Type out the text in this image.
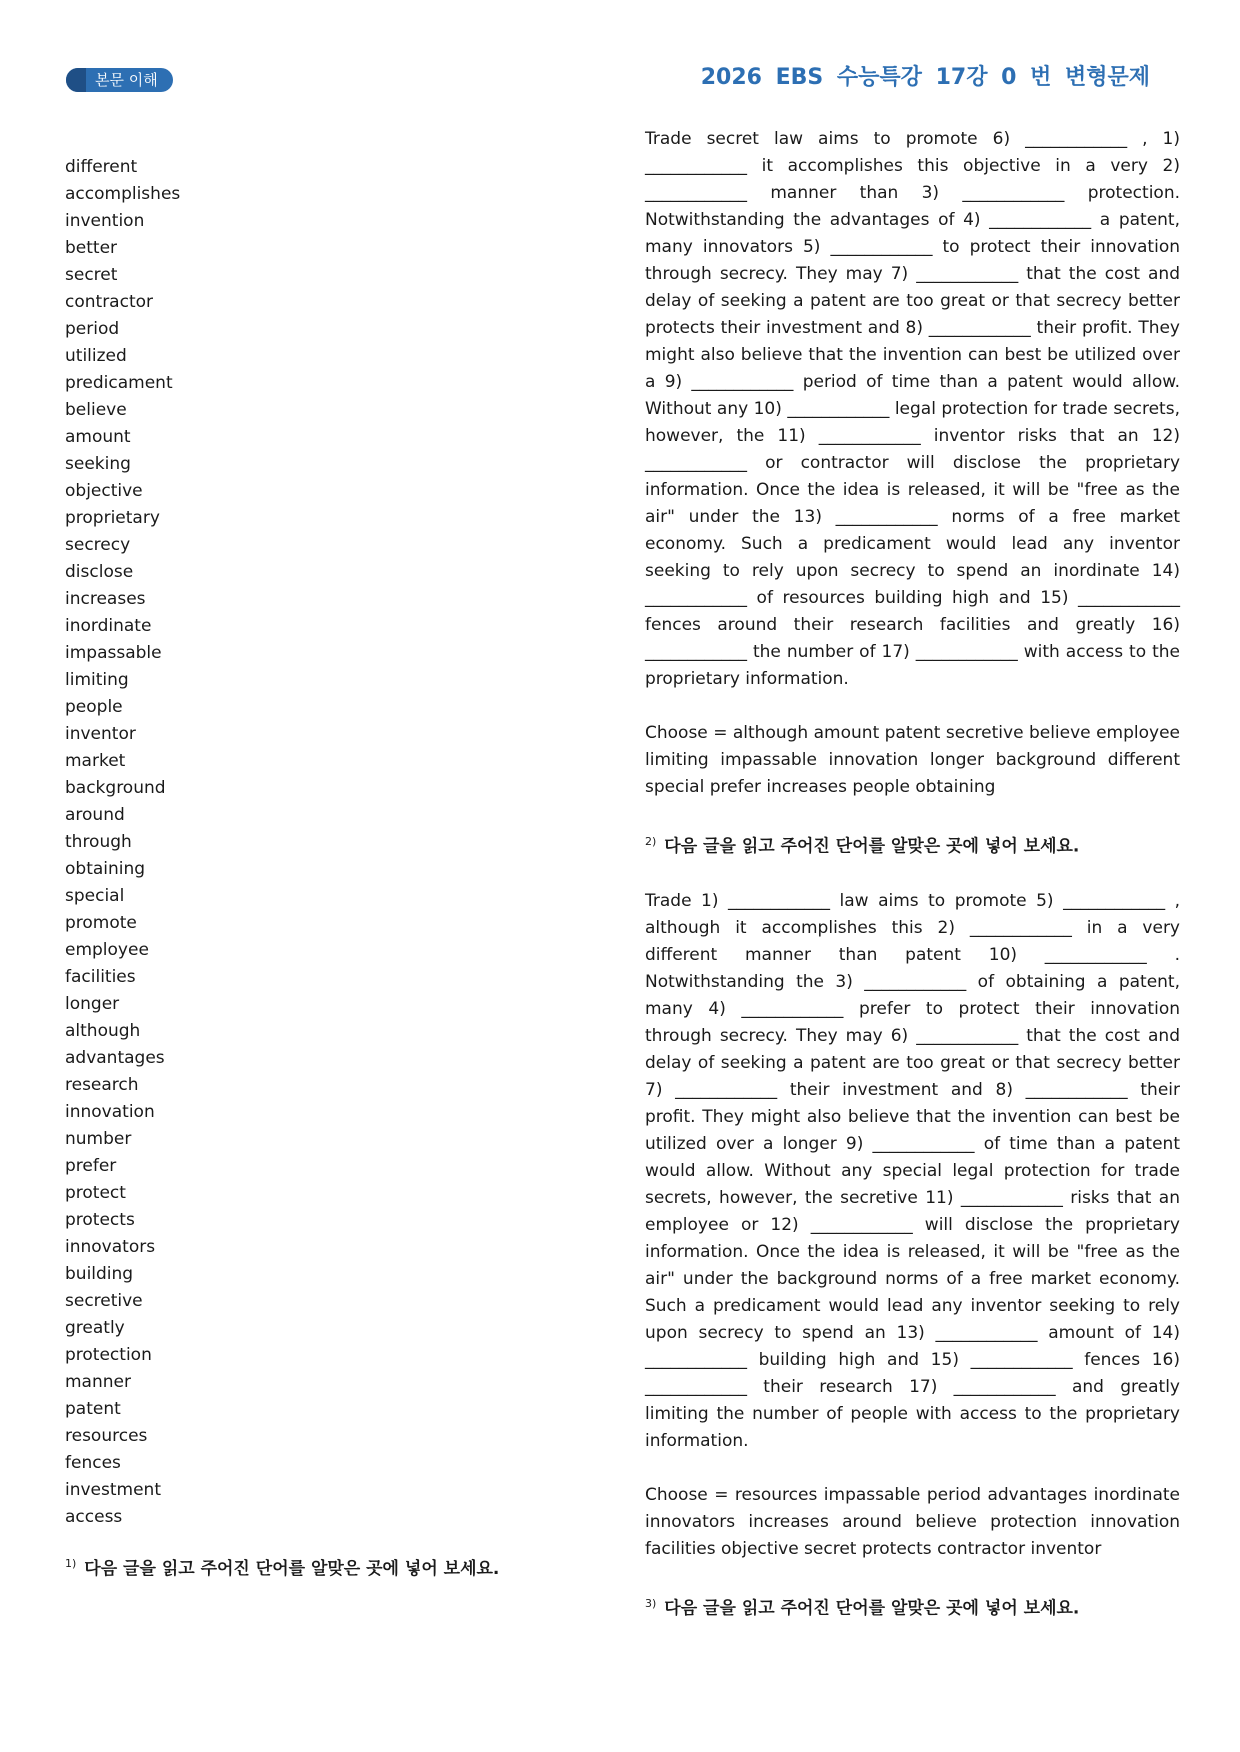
본문 이해	2026 EBS 수능특강 17강 0 번 변형문제
different
accomplishes
invention
better
secret
contractor
period
utilized
predicament
believe
amount
seeking
objective
proprietary
secrecy
disclose
increases
inordinate
impassable
limiting
people
inventor
market
background
around
through
obtaining
special
promote
employee
facilities
longer
although
advantages
research
innovation
number
prefer
protect
protects
innovators
building
secretive
greatly
protection
manner
patent
resources
fences
investment
access
$^{1)}$ 다음 글을 읽고 주어진 단어를 알맞은 곳에 넣어 보세요.

Trade secret law aims to promote 6) ____________ , 1) ____________ it accomplishes this objective in a very 2) ____________ manner than 3) ____________ protection. Notwithstanding the advantages of 4) ____________ a patent, many innovators 5) ____________ to protect their innovation through secrecy. They may 7) ____________ that the cost and delay of seeking a patent are too great or that secrecy better protects their investment and 8) ____________ their profit. They might also believe that the invention can best be utilized over a 9) ____________ period of time than a patent would allow. Without any 10) ____________ legal protection for trade secrets, however, the 11) ____________ inventor risks that an 12) ____________ or contractor will disclose the proprietary information. Once the idea is released, it will be "free as the air" under the 13) ____________ norms of a free market economy. Such a predicament would lead any inventor seeking to rely upon secrecy to spend an inordinate 14) ____________ of resources building high and 15) ____________ fences around their research facilities and greatly 16) ____________ the number of 17) ____________ with access to the proprietary information.

Choose = although amount patent secretive believe employee limiting impassable innovation longer background different special prefer increases people obtaining

$^{2)}$ 다음 글을 읽고 주어진 단어를 알맞은 곳에 넣어 보세요.

Trade 1) ____________ law aims to promote 5) ____________ , although it accomplishes this 2) ____________ in a very different manner than patent 10) ____________ . Notwithstanding the 3) ____________ of obtaining a patent, many 4) ____________ prefer to protect their innovation through secrecy. They may 6) ____________ that the cost and delay of seeking a patent are too great or that secrecy better 7) ____________ their investment and 8) ____________ their profit. They might also believe that the invention can best be utilized over a longer 9) ____________ of time than a patent would allow. Without any special legal protection for trade secrets, however, the secretive 11) ____________ risks that an employee or 12) ____________ will disclose the proprietary information. Once the idea is released, it will be "free as the air" under the background norms of a free market economy. Such a predicament would lead any inventor seeking to rely upon secrecy to spend an 13) ____________ amount of 14) ____________ building high and 15) ____________ fences 16) ____________ their research 17) ____________ and greatly limiting the number of people with access to the proprietary information.

Choose = resources impassable period advantages inordinate innovators increases around believe protection innovation facilities objective secret protects contractor inventor

$^{3)}$ 다음 글을 읽고 주어진 단어를 알맞은 곳에 넣어 보세요.
